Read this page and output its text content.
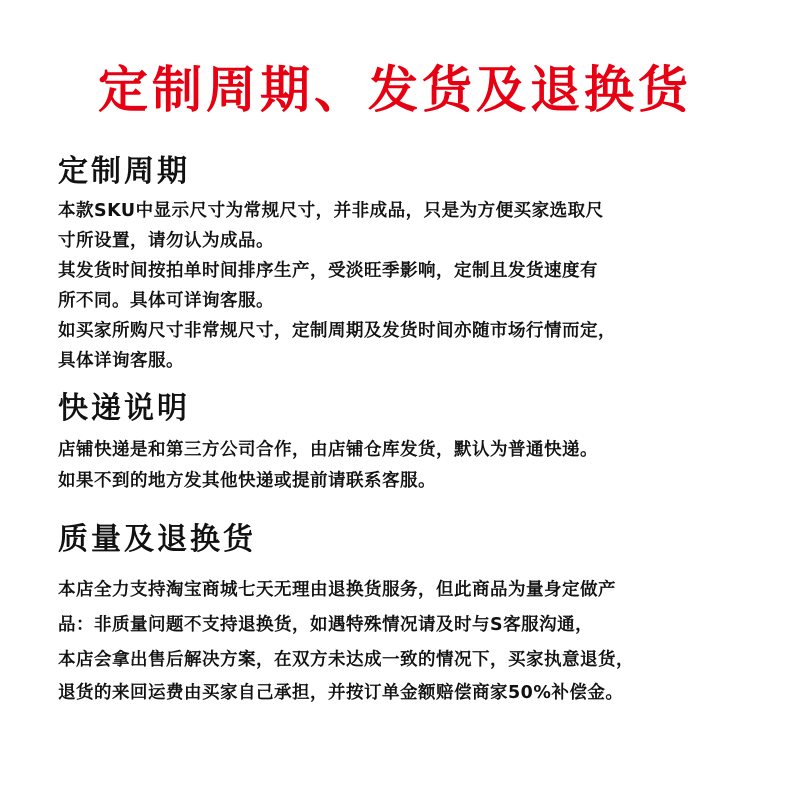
定制周期、发货及退换货
定制周期
本款SKU中显示尺寸为常规尺寸，并非成品，只是为方便买家选取尺
寸所设置，请勿认为成品。
其发货时间按拍单时间排序生产，受淡旺季影响，定制且发货速度有
所不同。具体可详询客服。
如买家所购尺寸非常规尺寸，定制周期及发货时间亦随市场行情而定，
具体详询客服。
快递说明
店铺快递是和第三方公司合作，由店铺仓库发货，默认为普通快递。
如果不到的地方发其他快递或提前请联系客服。
质量及退换货
本店全力支持淘宝商城七天无理由退换货服务，但此商品为量身定做产
品：非质量问题不支持退换货，如遇特殊情况请及时与S客服沟通，
本店会拿出售后解决方案，在双方未达成一致的情况下，买家执意退货，
退货的来回运费由买家自己承担，并按订单金额赔偿商家50%补偿金。
